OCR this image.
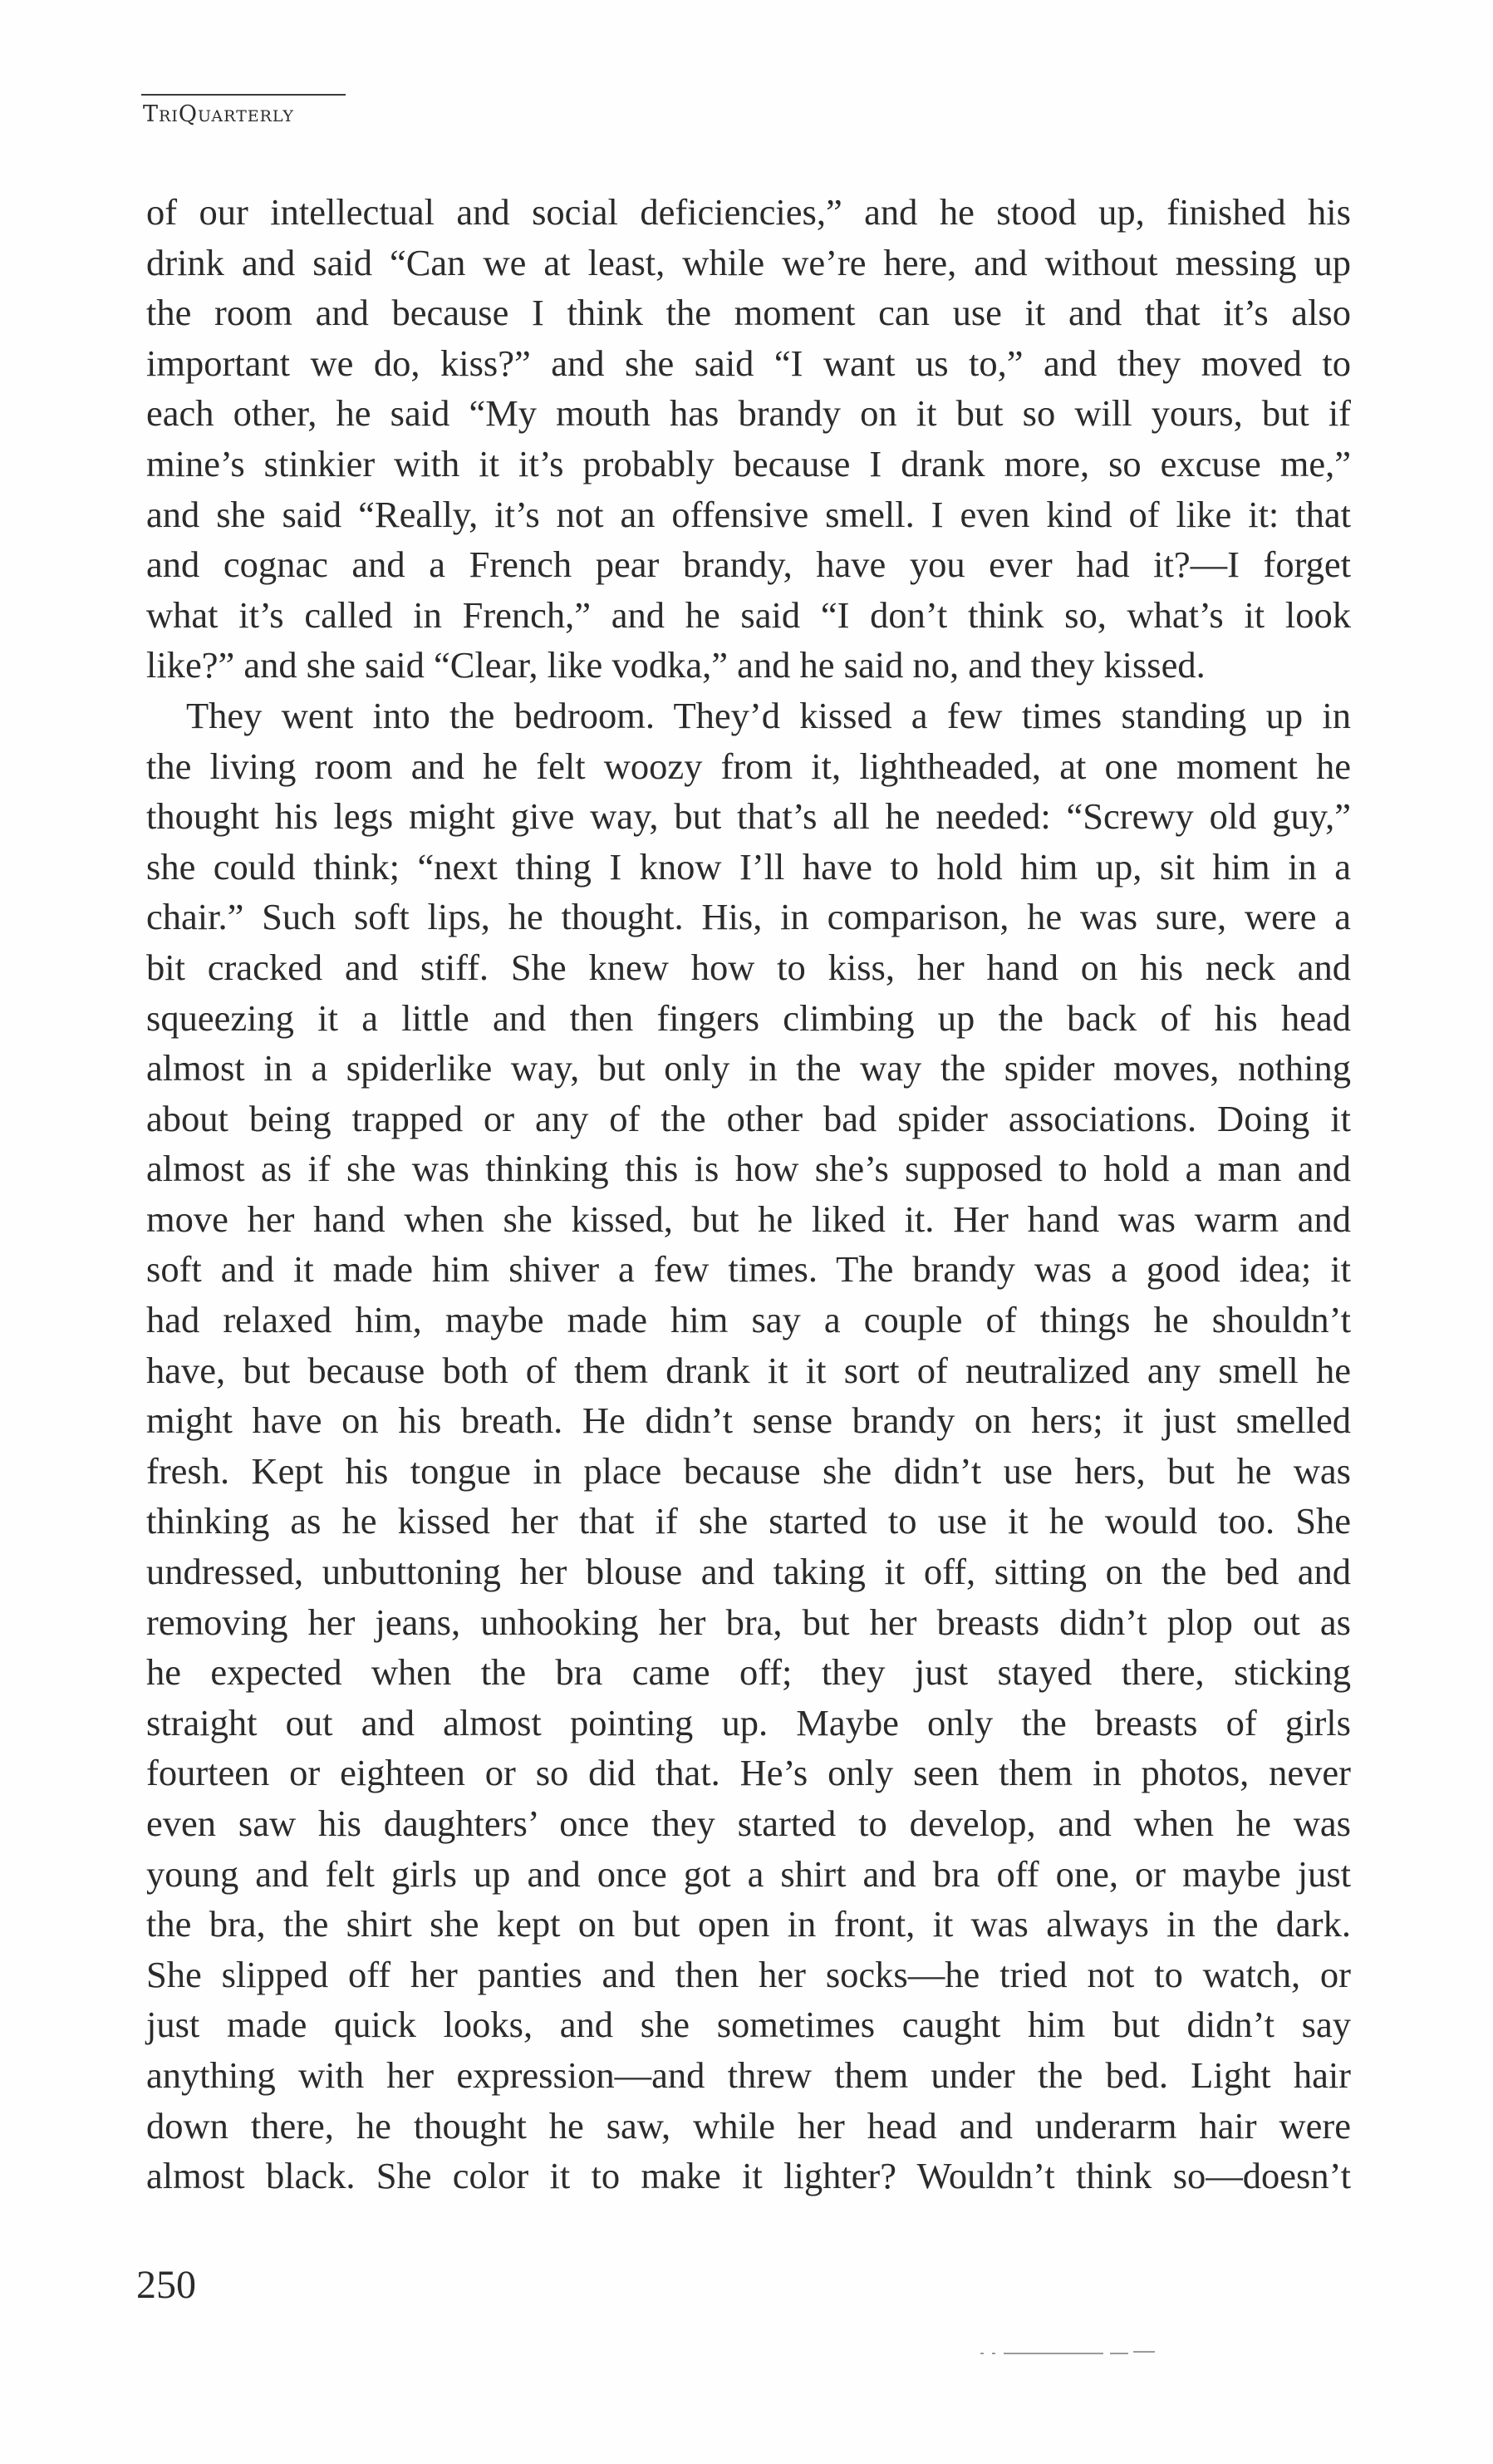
TriQuarterly
of our intellectual and social deficiencies,” and he stood up, finished his
drink and said “Can we at least, while we’re here, and without messing up
the room and because I think the moment can use it and that it’s also
important we do, kiss?” and she said “I want us to,” and they moved to
each other, he said “My mouth has brandy on it but so will yours, but if
mine’s stinkier with it it’s probably because I drank more, so excuse me,”
and she said “Really, it’s not an offensive smell. I even kind of like it: that
and cognac and a French pear brandy, have you ever had it?—I forget
what it’s called in French,” and he said “I don’t think so, what’s it look
like?” and she said “Clear, like vodka,” and he said no, and they kissed.
They went into the bedroom. They’d kissed a few times standing up in
the living room and he felt woozy from it, lightheaded, at one moment he
thought his legs might give way, but that’s all he needed: “Screwy old guy,”
she could think; “next thing I know I’ll have to hold him up, sit him in a
chair.” Such soft lips, he thought. His, in comparison, he was sure, were a
bit cracked and stiff. She knew how to kiss, her hand on his neck and
squeezing it a little and then fingers climbing up the back of his head
almost in a spiderlike way, but only in the way the spider moves, nothing
about being trapped or any of the other bad spider associations. Doing it
almost as if she was thinking this is how she’s supposed to hold a man and
move her hand when she kissed, but he liked it. Her hand was warm and
soft and it made him shiver a few times. The brandy was a good idea; it
had relaxed him, maybe made him say a couple of things he shouldn’t
have, but because both of them drank it it sort of neutralized any smell he
might have on his breath. He didn’t sense brandy on hers; it just smelled
fresh. Kept his tongue in place because she didn’t use hers, but he was
thinking as he kissed her that if she started to use it he would too. She
undressed, unbuttoning her blouse and taking it off, sitting on the bed and
removing her jeans, unhooking her bra, but her breasts didn’t plop out as
he expected when the bra came off; they just stayed there, sticking
straight out and almost pointing up. Maybe only the breasts of girls
fourteen or eighteen or so did that. He’s only seen them in photos, never
even saw his daughters’ once they started to develop, and when he was
young and felt girls up and once got a shirt and bra off one, or maybe just
the bra, the shirt she kept on but open in front, it was always in the dark.
She slipped off her panties and then her socks—he tried not to watch, or
just made quick looks, and she sometimes caught him but didn’t say
anything with her expression—and threw them under the bed. Light hair
down there, he thought he saw, while her head and underarm hair were
almost black. She color it to make it lighter? Wouldn’t think so—doesn’t
250
